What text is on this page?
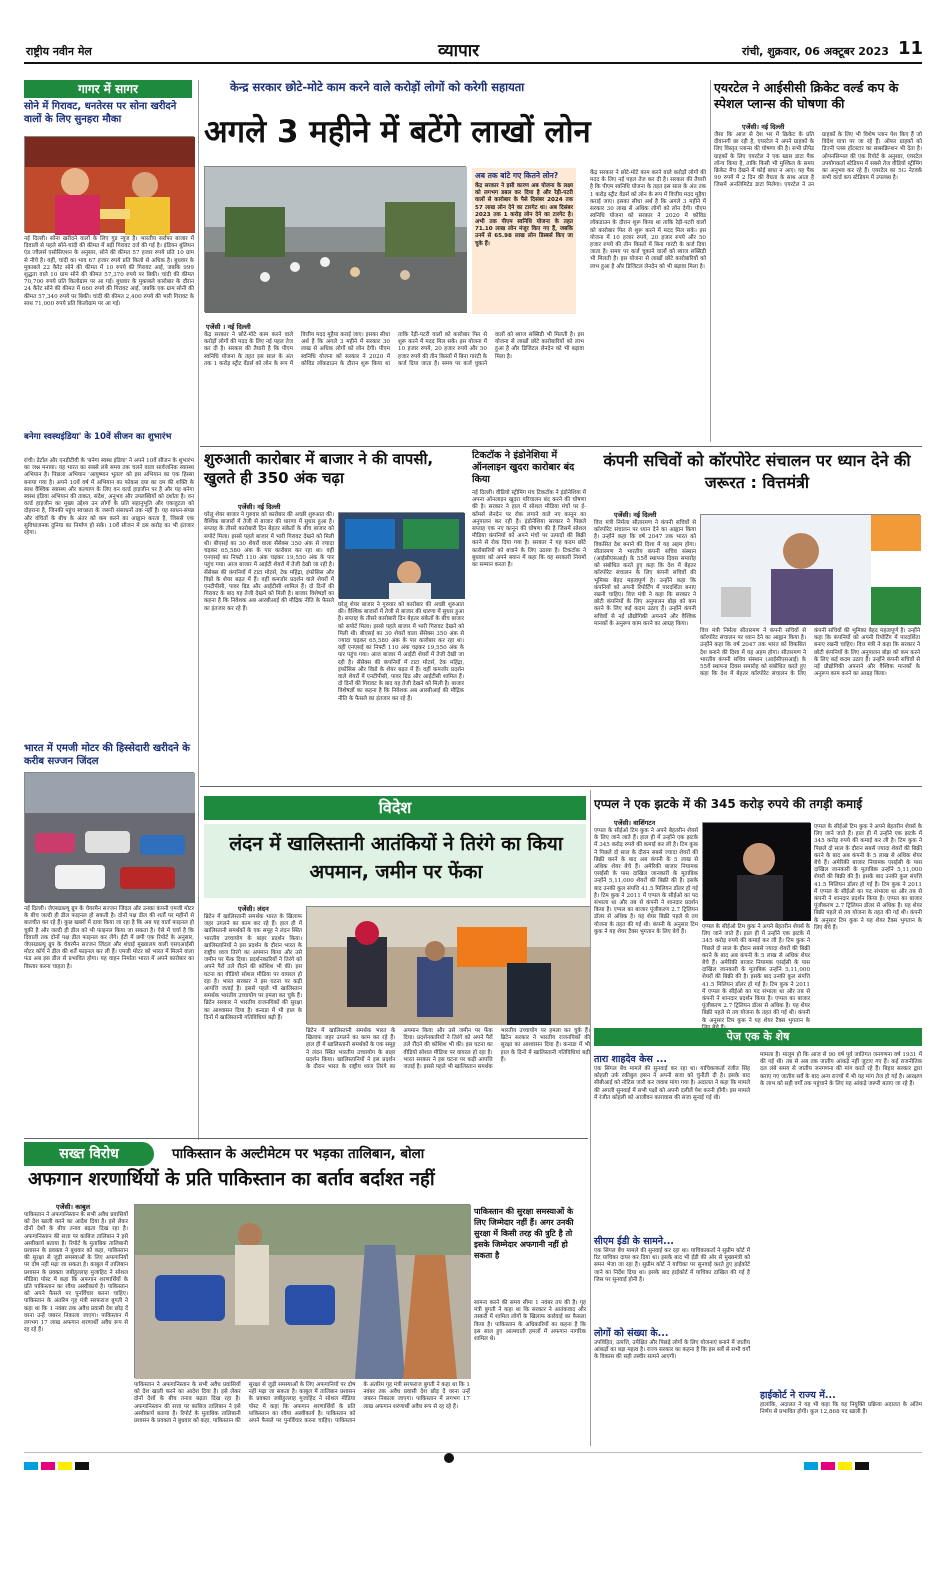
राष्ट्रीय नवीन मेल	व्यापार	रांची, शुक्रवार, 06 अक्टूबर 2023 11
गागर में सागर
सोने में गिरावट, धनतेरस पर सोना खरीदने वालों के लिए सुनहरा मौका
नई दिल्ली। सोना खरीदने वालों के लिए गुड न्यूज है। भारतीय सर्राफा बाजार में दिवाली से पहले सोने-चांदी की कीमत में बड़ी गिरावट दर्ज की गई है। इंडियन बुलियन एंड ज्वैलर्स एसोसिएशन के अनुसार, सोने की कीमत 57 हजार रुपये प्रति 10 ग्राम से नीचे है। वहीं, चांदी का भाव 67 हजार रुपये प्रति किलो से अधिक है। बुधवार के मुकाबले 22 कैरेट सोने की कीमत में 10 रुपये की गिरावट आई, जबकि 999 शुद्धता वाले 10 ग्राम सोने की कीमत 57,370 रुपये पर बिकी। चांदी की कीमत 70,700 रुपये प्रति किलोग्राम पर आ गई। बुधवार के मुकाबले कारोबार के दौरान 24 कैरेट सोने की कीमत में 660 रुपये की गिरावट आई, जबकि एक ग्राम सोनी की कीमत 57,340 रुपये पर बिकी। चांदी की कीमत 2,400 रुपये की भारी गिरावट के साथ 71,000 रुपये प्रति किलोग्राम पर आ गई।
बनेगा स्वस्थइंडिया' के 10वें सीजन का शुभारंभ
रांची। डेटॉल और एनडीटीवी के 'बनेगा स्वस्थ इंडिया' ने अपने 10वें सीजन के शुभारंभ का जश्न मनाया। यह भारत का सबसे लंबे समय तक चलने वाला सार्वजनिक स्वास्थ्य अभियान है। पिछला अभियान 'आयुष्मान भूतल' को इस अभियान का एक हिस्सा बनाया गया है। अपने 10वें वर्ष में अभियान का फोकस दया का दम की शक्ति के साथ वैश्विक स्वास्थ्य और कल्याण के लिए वन वर्ल्ड हाइजीन पर है और यह बनेगा स्वस्थ इंडिया अभियान की ताकत, संदेश, अनुभव और उपलब्धियों को दर्शाता है। वन वर्ल्ड हाइजीन का मुख्य उद्देश्य उन लोगों के प्रति सहानुभूति और एकजुटता को दोहराना है, जिनकी पहुंच स्वच्छता के जरूरी संसाधनों तक नहीं है। यह साधन-संपन्न और वंचितों के बीच के अंतर को कम करने का आह्वान करता है, जिससे एक सुविधाजनक दुनिया का निर्माण हो सके। 10वें सीजन में दस करोड़ का भी इंतजार रहेगा।
भारत में एमजी मोटर की हिस्सेदारी खरीदने के करीब सज्जन जिंदल
नई दिल्ली। जेएसडब्ल्यू ग्रुप के चेयरमैन सज्जन जिंदल और उनका कंपनी एमजी मोटर के बीच जल्दी ही डील फाइनल हो सकती है। दोनों पक्ष डील की शर्तों पर महीनों से बातचीत कर रहे हैं। कुछ खबरों में दावा किया जा रहा है कि अब यह वार्ता फाइनल हो चुकी है और जल्दी ही डील को भी फाइनल किया जा सकता है। ऐसे में चर्चा है कि दिवाली तक दोनों पक्ष डील फाइनल कर लेंगे। ईटी में छपी एक रिपोर्ट के अनुसार, जेएसडब्ल्यू ग्रुप के चेयरमैन सज्जन जिंदल और शंघाई मुख्यालय वाली एसएआईसी मोटर कॉर्प ने डील की शर्तें फाइनल कर ली हैं। एमजी मोटर को भारत में मिलने वाला फंड अब इस डील से प्रभावित होगा। यह वाहन निर्माता भारत में अपने कारोबार का विस्तार करना चाहता है।
केन्द्र सरकार छोटे-मोटे काम करने वाले करोड़ों लोगों को करेगी सहायता
अगले 3 महीने में बटेंगे लाखों लोन
अब तक बांटे गए कितने लोन?
केंद्र सरकार ने इसी कारण अब योजना के लक्ष्य को लगभग डबल कर दिया है और रेड़ी-पटरी वालों से कारोबार के पैसे दिसंबर 2024 तक 57 लाख लोन देने का टारगेट था। अब दिसंबर 2023 तक 1 करोड़ लोन देने का टारगेट है। अभी तक पीएम स्वनिधि योजना के तहत 71.10 लाख लोन मंजूर किए गए हैं, जबकि उनमें से 65.98 लाख लोन डिस्बर्स किए जा चुके हैं।
एजेंसी । नई दिल्ली
केंद्र सरकार ने छोटे-मोटे काम करने वाले करोड़ों लोगों की मदद के लिए नई पहल तेज कर दी है। सरकार की तैयारी है कि पीएम स्वनिधि योजना के तहत इस साल के अंत तक 1 करोड़ स्ट्रीट वेंडर्स को लोन के रूप में वित्तीय मदद मुहैया कराई जाए। इसका सीधा अर्थ है कि अगले 3 महीने में सरकार 30 लाख से अधिक लोगों को लोन देगी। पीएम स्वनिधि योजना को सरकार ने 2020 में कोविड लॉकडाउन के दौरान शुरू किया था ताकि रेड़ी-पटरी वालों को कारोबार फिर से शुरू करने में मदद मिल सके। इस योजना में 10 हजार रुपये, 20 हजार रुपये और 50 हजार रुपये की तीन किस्तों में बिना गारंटी के कर्ज दिया जाता है। समय पर कर्ज चुकाने वालों को ब्याज सब्सिडी भी मिलती है। इस योजना से लाखों छोटे कारोबारियों को लाभ हुआ है और डिजिटल लेनदेन को भी बढ़ावा मिला है।
केंद्र सरकार ने छोटे-मोटे काम करने वाले करोड़ों लोगों की मदद के लिए नई पहल तेज कर दी है। सरकार की तैयारी है कि पीएम स्वनिधि योजना के तहत इस साल के अंत तक 1 करोड़ स्ट्रीट वेंडर्स को लोन के रूप में वित्तीय मदद मुहैया कराई जाए। इसका सीधा अर्थ है कि अगले 3 महीने में सरकार 30 लाख से अधिक लोगों को लोन देगी। पीएम स्वनिधि योजना को सरकार ने 2020 में कोविड लॉकडाउन के दौरान शुरू किया था ताकि रेड़ी-पटरी वालों को कारोबार फिर से शुरू करने में मदद मिल सके। इस योजना में 10 हजार रुपये, 20 हजार रुपये और 50 हजार रुपये की तीन किस्तों में बिना गारंटी के कर्ज दिया जाता है। समय पर कर्ज चुकाने वालों को ब्याज सब्सिडी भी मिलती है। इस योजना से लाखों छोटे कारोबारियों को लाभ हुआ है और डिजिटल लेनदेन को भी बढ़ावा मिला है।
एयरटेल ने आईसीसी क्रिकेट वर्ल्ड कप के स्पेशल प्लान्स की घोषणा की
एजेंसी। नई दिल्ली
जैसा कि आज से देश भर में क्रिकेट के प्रति दीवानगी छा रही है, एयरटेल ने अपने ग्राहकों के लिए विस्तृत प्लान्स की घोषणा की है। सभी प्रीपेड ग्राहकों के लिए एयरटेल ने एक खास डाटा पैक लॉन्च किया है, ताकि किसी भी मुश्किल के समय क्रिकेट मैच देखने में कोई बाधा न आए। यह पैक 99 रुपये में 2 दिन की वैधता के साथ आता है जिसमें अनलिमिटेड डाटा मिलेगा। एयरटेल ने उन ग्राहकों के लिए भी विशेष प्लान पेश किए हैं जो विदेश यात्रा पर जा रहे हैं। ऑफर ग्राहकों को डिज्नी प्लस हॉटस्टार का सब्सक्रिप्शन भी देता है। ओपनसिग्नल की एक रिपोर्ट के अनुसार, एयरटेल उपयोगकर्ता स्टेडियम में सबसे तेज वीडियो स्ट्रीमिंग का अनुभव कर रहे हैं। एयरटेल का 5G नेटवर्क सभी वर्ल्ड कप स्टेडियम में उपलब्ध है।
शुरुआती कारोबार में बाजार ने की वापसी, खुलते ही 350 अंक चढ़ा
एजेंसी। नई दिल्ली
घरेलू शेयर बाजार ने गुरुवार को कारोबार की अच्छी शुरुआत की। वैश्विक बाजारों में तेजी से बाजार की धारणा में सुधार हुआ है। सप्ताह के तीसरे कारोबारी दिन बेहतर संकेतों के बीच बाजार को सपोर्ट मिला। इससे पहले बाजार में भारी गिरावट देखने को मिली थी। बीएसई का 30 शेयरों वाला सेंसेक्स 350 अंक से ज्यादा चढ़कर 65,580 अंक के पार कारोबार कर रहा था। वहीं एनएसई का निफ्टी 110 अंक चढ़कर 19,550 अंक के पार पहुंच गया। आज बाजार में आईटी शेयरों में तेजी देखी जा रही है। सेंसेक्स की कंपनियों में टाटा मोटर्स, टेक महिंद्रा, इंफोसिस और विप्रो के शेयर बढ़त में हैं। वहीं कमजोर प्रदर्शन वाले शेयरों में एनटीपीसी, पावर ग्रिड और आईटीसी शामिल हैं। दो दिनों की गिरावट के बाद यह तेजी देखने को मिली है। बाजार विशेषज्ञों का कहना है कि निवेशक अब आरबीआई की मौद्रिक नीति के फैसले का इंतजार कर रहे हैं।
घरेलू शेयर बाजार ने गुरुवार को कारोबार की अच्छी शुरुआत की। वैश्विक बाजारों में तेजी से बाजार की धारणा में सुधार हुआ है। सप्ताह के तीसरे कारोबारी दिन बेहतर संकेतों के बीच बाजार को सपोर्ट मिला। इससे पहले बाजार में भारी गिरावट देखने को मिली थी। बीएसई का 30 शेयरों वाला सेंसेक्स 350 अंक से ज्यादा चढ़कर 65,580 अंक के पार कारोबार कर रहा था। वहीं एनएसई का निफ्टी 110 अंक चढ़कर 19,550 अंक के पार पहुंच गया। आज बाजार में आईटी शेयरों में तेजी देखी जा रही है। सेंसेक्स की कंपनियों में टाटा मोटर्स, टेक महिंद्रा, इंफोसिस और विप्रो के शेयर बढ़त में हैं। वहीं कमजोर प्रदर्शन वाले शेयरों में एनटीपीसी, पावर ग्रिड और आईटीसी शामिल हैं। दो दिनों की गिरावट के बाद यह तेजी देखने को मिली है। बाजार विशेषज्ञों का कहना है कि निवेशक अब आरबीआई की मौद्रिक नीति के फैसले का इंतजार कर रहे हैं।
टिकटॉक ने इंडोनेशिया में ऑनलाइन खुदरा कारोबार बंद किया
नई दिल्ली। वीडियो स्ट्रीमिंग मंच टिकटॉक ने इंडोनेशिया में अपना ऑनलाइन खुदरा परिचालन बंद करने की घोषणा की है। सरकार ने हाल में सोशल मीडिया मंचों पर ई-कॉमर्स लेनदेन पर रोक लगाने वाले नए कानून का अनुपालन कर रही है। इंडोनेशिया सरकार ने पिछले सप्ताह एक नए कानून की घोषणा की है जिसमें सोशल मीडिया कंपनियों को अपने मंचों पर उत्पादों की बिक्री करने से रोक दिया गया है। सरकार ने यह कदम छोटे कारोबारियों को बचाने के लिए उठाया है। टिकटॉक ने बुधवार को अपने बयान में कहा कि वह सरकारी नियमों का सम्मान करता है।
कंपनी सचिवों को कॉरपोरेट संचालन पर ध्यान देने की जरूरत : वित्तमंत्री
एजेंसी। नई दिल्ली
वित्त मंत्री निर्मला सीतारमण ने कंपनी सचिवों से कॉरपोरेट संचालन पर ध्यान देने का आह्वान किया है। उन्होंने कहा कि वर्ष 2047 तक भारत को विकसित देश बनाने की दिशा में यह अहम होगा। सीतारमण ने भारतीय कंपनी सचिव संस्थान (आईसीएसआई) के 55वें स्थापना दिवस समारोह को संबोधित करते हुए कहा कि देश में बेहतर कॉरपोरेट संचालन के लिए कंपनी सचिवों की भूमिका बेहद महत्वपूर्ण है। उन्होंने कहा कि कंपनियों को अपनी रिपोर्टिंग में पारदर्शिता बनाए रखनी चाहिए। वित्त मंत्री ने कहा कि सरकार ने छोटी कंपनियों के लिए अनुपालन बोझ को कम करने के लिए कई कदम उठाए हैं। उन्होंने कंपनी सचिवों से नई प्रौद्योगिकी अपनाने और वैश्विक मानकों के अनुरूप काम करने का आग्रह किया।
वित्त मंत्री निर्मला सीतारमण ने कंपनी सचिवों से कॉरपोरेट संचालन पर ध्यान देने का आह्वान किया है। उन्होंने कहा कि वर्ष 2047 तक भारत को विकसित देश बनाने की दिशा में यह अहम होगा। सीतारमण ने भारतीय कंपनी सचिव संस्थान (आईसीएसआई) के 55वें स्थापना दिवस समारोह को संबोधित करते हुए कहा कि देश में बेहतर कॉरपोरेट संचालन के लिए कंपनी सचिवों की भूमिका बेहद महत्वपूर्ण है। उन्होंने कहा कि कंपनियों को अपनी रिपोर्टिंग में पारदर्शिता बनाए रखनी चाहिए। वित्त मंत्री ने कहा कि सरकार ने छोटी कंपनियों के लिए अनुपालन बोझ को कम करने के लिए कई कदम उठाए हैं। उन्होंने कंपनी सचिवों से नई प्रौद्योगिकी अपनाने और वैश्विक मानकों के अनुरूप काम करने का आग्रह किया।
विदेश
लंदन में खालिस्तानी आतंकियों ने तिरंगे का किया अपमान, जमीन पर फेंका
एजेंसी। लंदन
ब्रिटेन में खालिस्तानी समर्थक भारत के खिलाफ जहर उगलने का काम कर रहे हैं। हाल ही में खालिस्तानी समर्थकों के एक समूह ने लंदन स्थित भारतीय उच्चायोग के बाहर प्रदर्शन किया। खालिस्तानियों ने इस प्रदर्शन के दौरान भारत के राष्ट्रीय ध्वज तिरंगे का अपमान किया और उसे जमीन पर फेंक दिया। प्रदर्शनकारियों ने तिरंगे को अपने पैरों तले रौंदने की कोशिश भी की। इस घटना का वीडियो सोशल मीडिया पर वायरल हो रहा है। भारत सरकार ने इस घटना पर कड़ी आपत्ति जताई है। इससे पहले भी खालिस्तान समर्थक भारतीय उच्चायोग पर हमला कर चुके हैं। ब्रिटेन सरकार ने भारतीय राजनयिकों की सुरक्षा का आश्वासन दिया है। कनाडा में भी हाल के दिनों में खालिस्तानी गतिविधियां बढ़ी हैं।
ब्रिटेन में खालिस्तानी समर्थक भारत के खिलाफ जहर उगलने का काम कर रहे हैं। हाल ही में खालिस्तानी समर्थकों के एक समूह ने लंदन स्थित भारतीय उच्चायोग के बाहर प्रदर्शन किया। खालिस्तानियों ने इस प्रदर्शन के दौरान भारत के राष्ट्रीय ध्वज तिरंगे का अपमान किया और उसे जमीन पर फेंक दिया। प्रदर्शनकारियों ने तिरंगे को अपने पैरों तले रौंदने की कोशिश भी की। इस घटना का वीडियो सोशल मीडिया पर वायरल हो रहा है। भारत सरकार ने इस घटना पर कड़ी आपत्ति जताई है। इससे पहले भी खालिस्तान समर्थक भारतीय उच्चायोग पर हमला कर चुके हैं। ब्रिटेन सरकार ने भारतीय राजनयिकों की सुरक्षा का आश्वासन दिया है। कनाडा में भी हाल के दिनों में खालिस्तानी गतिविधियां बढ़ी हैं।
एप्पल ने एक झटके में की 345 करोड़ रुपये की तगड़ी कमाई
एजेंसी। वाशिंगटन
एप्पल के सीईओ टिम कुक ने अपने बेहतरीन शेयर्स के लिए जाने जाते हैं। हाल ही में उन्होंने एक झटके में 345 करोड़ रुपये की कमाई कर ली है। टिम कुक ने पिछले दो साल के दौरान सबसे ज्यादा शेयरों की बिक्री करने के बाद अब कंपनी के 5 लाख से अधिक शेयर बेचे हैं। अमेरिकी बाजार नियामक एसईसी के पास दाखिल जानकारी के मुताबिक उन्होंने 5,11,000 शेयरों की बिक्री की है। इसके बाद उनकी कुल संपत्ति 41.5 मिलियन डॉलर हो गई है। टिम कुक ने 2011 में एप्पल के सीईओ का पद संभाला था और तब से कंपनी ने शानदार प्रदर्शन किया है। एप्पल का बाजार पूंजीकरण 2.7 ट्रिलियन डॉलर से अधिक है। यह शेयर बिक्री पहले से तय योजना के तहत की गई थी। कंपनी के अनुसार टिम कुक ने यह शेयर टैक्स भुगतान के लिए बेचे हैं।
एप्पल के सीईओ टिम कुक ने अपने बेहतरीन शेयर्स के लिए जाने जाते हैं। हाल ही में उन्होंने एक झटके में 345 करोड़ रुपये की कमाई कर ली है। टिम कुक ने पिछले दो साल के दौरान सबसे ज्यादा शेयरों की बिक्री करने के बाद अब कंपनी के 5 लाख से अधिक शेयर बेचे हैं। अमेरिकी बाजार नियामक एसईसी के पास दाखिल जानकारी के मुताबिक उन्होंने 5,11,000 शेयरों की बिक्री की है। इसके बाद उनकी कुल संपत्ति 41.5 मिलियन डॉलर हो गई है। टिम कुक ने 2011 में एप्पल के सीईओ का पद संभाला था और तब से कंपनी ने शानदार प्रदर्शन किया है। एप्पल का बाजार पूंजीकरण 2.7 ट्रिलियन डॉलर से अधिक है। यह शेयर बिक्री पहले से तय योजना के तहत की गई थी। कंपनी के अनुसार टिम कुक ने यह शेयर टैक्स भुगतान के लिए बेचे हैं।
एप्पल के सीईओ टिम कुक ने अपने बेहतरीन शेयर्स के लिए जाने जाते हैं। हाल ही में उन्होंने एक झटके में 345 करोड़ रुपये की कमाई कर ली है। टिम कुक ने पिछले दो साल के दौरान सबसे ज्यादा शेयरों की बिक्री करने के बाद अब कंपनी के 5 लाख से अधिक शेयर बेचे हैं। अमेरिकी बाजार नियामक एसईसी के पास दाखिल जानकारी के मुताबिक उन्होंने 5,11,000 शेयरों की बिक्री की है। इसके बाद उनकी कुल संपत्ति 41.5 मिलियन डॉलर हो गई है। टिम कुक ने 2011 में एप्पल के सीईओ का पद संभाला था और तब से कंपनी ने शानदार प्रदर्शन किया है। एप्पल का बाजार पूंजीकरण 2.7 ट्रिलियन डॉलर से अधिक है। यह शेयर बिक्री पहले से तय योजना के तहत की गई थी। कंपनी के अनुसार टिम कुक ने यह शेयर टैक्स भुगतान के
पेज एक के शेष
तारा शाहदेव केस ...
एक सिंगल बेंच मामले की सुनवाई कर रहा था। याचिकाकर्ता रंजीत सिंह कोहली उर्फ रकीबुल हसन ने अपनी सजा को चुनौती दी है। इसके बाद सीबीआई को नोटिस जारी कर जवाब मांगा गया है। अदालत ने कहा कि मामले की अगली सुनवाई में सभी पक्षों को अपनी दलीलें पेश करनी होंगी। इस मामले में रंजीत कोहली को आजीवन कारावास की सजा सुनाई गई थी।
सीएम ईडी के सामने...
एक सिंगल बेंच मामले की सुनवाई कर रहा था। याचिकाकर्ता ने सुप्रीम कोर्ट में रिट याचिका दायर कर दिया था। इसके बाद भी ईडी की ओर से मुख्यमंत्री को समन भेजा जा रहा है। सुप्रीम कोर्ट ने याचिका पर सुनवाई करते हुए हाईकोर्ट जाने का निर्देश दिया था। इसके बाद हाईकोर्ट में याचिका दाखिल की गई है जिस पर सुनवाई होनी है।
लोगों को संख्या के...
उपविहित, उत्पत्ति, उपेक्षित और पिछड़े लोगों के लिए योजनाएं बनाने में जातीय आंकड़ों का बड़ा महत्व है। राज्य सरकार का कहना है कि इस सर्वे से सभी वर्गों के विकास की सही तस्वीर सामने आएगी।
मामला है। मालूम हो कि आज से 90 वर्ष पूर्व जातिगत जनगणना वर्ष 1931 में की गई थी। तब से अब तक जातीय आंकड़े नहीं जुटाए गए हैं। कई राजनीतिक दल लंबे समय से जातीय जनगणना की मांग करते रहे हैं। बिहार सरकार द्वारा कराए गए जातीय सर्वे के बाद अन्य राज्यों में भी यह मांग तेज हो गई है। आरक्षण के लाभ को सही वर्गों तक पहुंचाने के लिए यह आंकड़े जरूरी बताए जा रहे हैं।
हाईकोर्ट ने राज्य में...
हालांकि, अदालत ने यह भी कहा कि यह नियुक्ति प्रक्रिया अदालत के अंतिम निर्णय से प्रभावित होगी। कुल 12,868 पद खाली हैं।
सख्त विरोध	पाकिस्तान के अल्टीमेटम पर भड़का तालिबान, बोला
अफगान शरणार्थियों के प्रति पाकिस्तान का बर्ताव बर्दाश्त नहीं
एजेंसी। काबुल
पाकिस्तान ने अफगानिस्तान के सभी अवैध प्रवासियों को देश खाली करने का आदेश दिया है। इसे लेकर दोनों देशों के बीच तनाव बढ़ता दिख रहा है। अफगानिस्तान की सत्ता पर काबिज तालिबान ने इसे अस्वीकार्य बताया है। रिपोर्ट के मुताबिक तालिबानी प्रशासन के प्रवक्ता ने बुधवार को कहा, पाकिस्तान की सुरक्षा से जुड़ी समस्याओं के लिए अफगानियों पर दोष नहीं मढ़ा जा सकता है। काबुल में तालिबान प्रशासन के प्रवक्ता जबीहुल्लाह मुजाहिद ने सोशल मीडिया पोस्ट में कहा कि अफगान शरणार्थियों के प्रति पाकिस्तान का रवैया अस्वीकार्य है। पाकिस्तान को अपने फैसले पर पुनर्विचार करना चाहिए। पाकिस्तान के अंतरिम गृह मंत्री सरफराज बुगती ने कहा था कि 1 नवंबर तक अवैध प्रवासी देश छोड़ दें वरना उन्हें जबरन निकाला जाएगा। पाकिस्तान में लगभग 17 लाख अफगान शरणार्थी अवैध रूप से रह रहे हैं।
पाकिस्तान ने अफगानिस्तान के सभी अवैध प्रवासियों को देश खाली करने का आदेश दिया है। इसे लेकर दोनों देशों के बीच तनाव बढ़ता दिख रहा है। अफगानिस्तान की सत्ता पर काबिज तालिबान ने इसे अस्वीकार्य बताया है। रिपोर्ट के मुताबिक तालिबानी प्रशासन के प्रवक्ता ने बुधवार को कहा, पाकिस्तान की सुरक्षा से जुड़ी समस्याओं के लिए अफगानियों पर दोष नहीं मढ़ा जा सकता है। काबुल में तालिबान प्रशासन के प्रवक्ता जबीहुल्लाह मुजाहिद ने सोशल मीडिया पोस्ट में कहा कि अफगान शरणार्थियों के प्रति पाकिस्तान का रवैया अस्वीकार्य है। पाकिस्तान को अपने फैसले पर पुनर्विचार करना चाहिए। पाकिस्तान के अंतरिम गृह मंत्री सरफराज बुगती ने कहा था कि 1 नवंबर तक अवैध प्रवासी देश छोड़ दें वरना उन्हें जबरन निकाला जाएगा। पाकिस्तान में लगभग 17 लाख अफगान शरणार्थी अवैध रूप से रह रहे हैं।
पाकिस्तान की सुरक्षा समस्याओं के लिए जिम्मेदार नहीं हैं। अगर उनकी सुरक्षा में किसी तरह की त्रुटि है तो इसके जिम्मेदार अफगानी नहीं हो सकता है
सामना करने की समय सीमा 1 नवंबर तय की है। गृह मंत्री बुगती ने कहा था कि सरकार ने आतंकवाद और तस्करी में शामिल लोगों के खिलाफ कार्रवाई का फैसला किया है। पाकिस्तान के अधिकारियों का कहना है कि इस साल हुए आत्मघाती हमलों में अफगान नागरिक शामिल थे।
